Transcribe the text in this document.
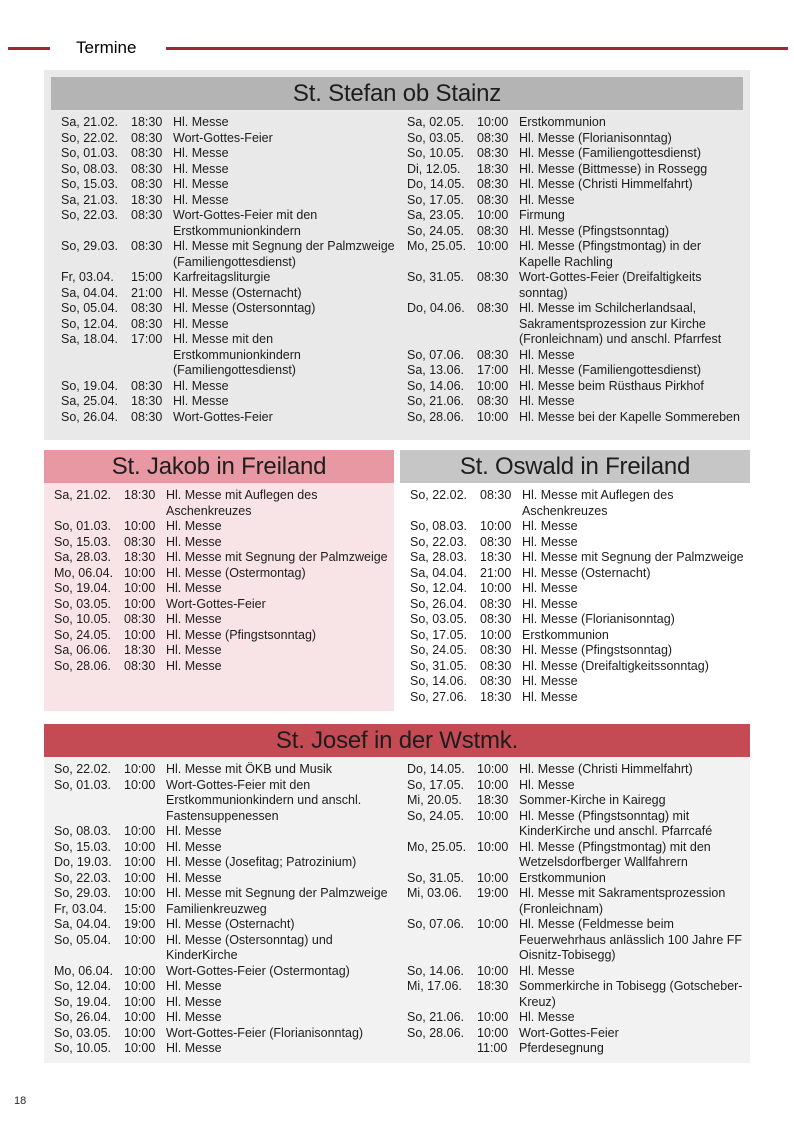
Termine
St. Stefan ob Stainz
Sa, 21.02.	18:30 Hl. Messe
So, 22.02.	08:30 Wort-Gottes-Feier
So, 01.03.	08:30 Hl. Messe
So, 08.03.	08:30 Hl. Messe
So, 15.03.	08:30 Hl. Messe
Sa, 21.03.	18:30 Hl. Messe
So, 22.03.	08:30 Wort-Gottes-Feier mit den Erstkommunionkindern
So, 29.03.	08:30 Hl. Messe mit Segnung der Palmzweige (Familiengottesdienst)
Fr, 03.04.	15:00 Karfreitagsliturgie
Sa, 04.04.	21:00 Hl. Messe (Osternacht)
So, 05.04.	08:30 Hl. Messe (Ostersonntag)
So, 12.04.	08:30 Hl. Messe
Sa, 18.04.	17:00 Hl. Messe mit den Erstkommunionkindern (Familiengottesdienst)
So, 19.04.	08:30 Hl. Messe
Sa, 25.04.	18:30 Hl. Messe
So, 26.04.	08:30 Wort-Gottes-Feier
Sa, 02.05.	10:00 Erstkommunion
So, 03.05.	08:30 Hl. Messe (Florianisonntag)
So, 10.05.	08:30 Hl. Messe (Familiengottesdienst)
Di, 12.05.	18:30 Hl. Messe (Bittmesse) in Rossegg
Do, 14.05. 08:30 Hl. Messe (Christi Himmelfahrt)
So, 17.05.	08:30 Hl. Messe
Sa, 23.05.	10:00 Firmung
So, 24.05.	08:30 Hl. Messe (Pfingstsonntag)
Mo, 25.05. 10:00 Hl. Messe (Pfingstmontag) in der Kapelle Rachling
So, 31.05.	08:30 Wort-Gottes-Feier (Dreifaltigkeits sonntag)
Do, 04.06. 08:30 Hl. Messe im Schilcherlandsaal, Sakramentsprozession zur Kirche (Fronleichnam) und anschl. Pfarrfest
So, 07.06.	08:30 Hl. Messe
Sa, 13.06.	17:00 Hl. Messe (Familiengottesdienst)
So, 14.06.	10:00 Hl. Messe beim Rüsthaus Pirkhof
So, 21.06.	08:30 Hl. Messe
So, 28.06.	10:00 Hl. Messe bei der Kapelle Sommereben
St. Jakob in Freiland
Sa, 21.02.	18:30 Hl. Messe mit Auflegen des Aschenkreuzes
So, 01.03.	10:00 Hl. Messe
So, 15.03.	08:30 Hl. Messe
Sa, 28.03.	18:30 Hl. Messe mit Segnung der Palmzweige
Mo, 06.04. 10:00 Hl. Messe (Ostermontag)
So, 19.04.	10:00 Hl. Messe
So, 03.05.	10:00 Wort-Gottes-Feier
So, 10.05.	08:30 Hl. Messe
So, 24.05.	10:00 Hl. Messe (Pfingstsonntag)
Sa, 06.06.	18:30 Hl. Messe
So, 28.06.	08:30 Hl. Messe
St. Oswald in Freiland
So, 22.02.	08:30 Hl. Messe mit Auflegen des Aschenkreuzes
So, 08.03.	10:00 Hl. Messe
So, 22.03.	08:30 Hl. Messe
Sa, 28.03.	18:30 Hl. Messe mit Segnung der Palmzweige
Sa, 04.04.	21:00 Hl. Messe (Osternacht)
So, 12.04.	10:00 Hl. Messe
So, 26.04.	08:30 Hl. Messe
So, 03.05.	08:30 Hl. Messe (Florianisonntag)
So, 17.05.	10:00 Erstkommunion
So, 24.05.	08:30 Hl. Messe (Pfingstsonntag)
So, 31.05.	08:30 Hl. Messe (Dreifaltigkeitssonntag)
So, 14.06.	08:30 Hl. Messe
So, 27.06.	18:30 Hl. Messe
St. Josef in der Wstmk.
So, 22.02.	10:00 Hl. Messe mit ÖKB und Musik
So, 01.03.	10:00 Wort-Gottes-Feier mit den Erstkommunionkindern und anschl. Fastensuppenessen
So, 08.03.	10:00 Hl. Messe
So, 15.03.	10:00 Hl. Messe
Do, 19.03. 10:00 Hl. Messe (Josefitag; Patrozinium)
So, 22.03.	10:00 Hl. Messe
So, 29.03.	10:00 Hl. Messe mit Segnung der Palmzweige
Fr, 03.04.	15:00 Familienkreuzweg
Sa, 04.04.	19:00 Hl. Messe (Osternacht)
So, 05.04.	10:00 Hl. Messe (Ostersonntag) und KinderKirche
Mo, 06.04. 10:00 Wort-Gottes-Feier (Ostermontag)
So, 12.04.	10:00 Hl. Messe
So, 19.04.	10:00 Hl. Messe
So, 26.04.	10:00 Hl. Messe
So, 03.05.	10:00 Wort-Gottes-Feier (Florianisonntag)
So, 10.05.	10:00 Hl. Messe
Do, 14.05. 10:00 Hl. Messe (Christi Himmelfahrt)
So, 17.05.	10:00 Hl. Messe
Mi, 20.05.	18:30 Sommer-Kirche in Kairegg
So, 24.05.	10:00 Hl. Messe (Pfingstsonntag) mit KinderKirche und anschl. Pfarrcafé
Mo, 25.05. 10:00 Hl. Messe (Pfingstmontag) mit den Wetzelsdorfberger Wallfahrern
So, 31.05.	10:00 Erstkommunion
Mi, 03.06.	19:00 Hl. Messe mit Sakramentsprozession (Fronleichnam)
So, 07.06.	10:00 Hl. Messe (Feldmesse beim Feuerwehrhaus anlässlich 100 Jahre FF Oisnitz-Tobisegg)
So, 14.06.	10:00 Hl. Messe
Mi, 17.06.	18:30 Sommerkirche in Tobisegg (Gotscheber-Kreuz)
So, 21.06.	10:00 Hl. Messe
So, 28.06.	10:00 Wort-Gottes-Feier
11:00 Pferdesegnung
18
